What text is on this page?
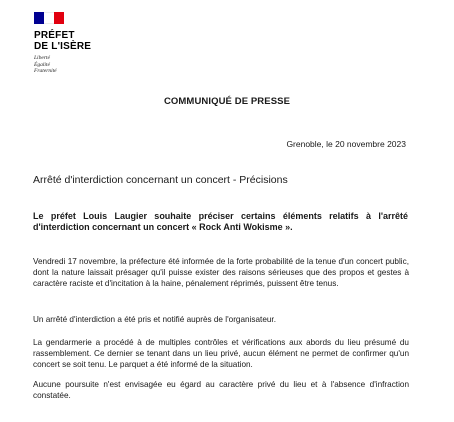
PRÉFET
DE L'ISÈRE
Liberté
Égalité
Fraternité
COMMUNIQUÉ DE PRESSE
Grenoble, le 20 novembre 2023
Arrêté d'interdiction concernant un concert - Précisions
Le préfet Louis Laugier souhaite préciser certains éléments relatifs à l'arrêté d'interdiction concernant un concert « Rock Anti Wokisme ».
Vendredi 17 novembre, la préfecture été informée de la forte probabilité de la tenue d'un concert public, dont la nature laissait présager qu'il puisse exister des raisons sérieuses que des propos et gestes à caractère raciste et d'incitation à la haine, pénalement réprimés, puissent être tenus.
Un arrêté d'interdiction a été pris et notifié auprès de l'organisateur.
La gendarmerie a procédé à de multiples contrôles et vérifications aux abords du lieu présumé du rassemblement. Ce dernier se tenant dans un lieu privé, aucun élément ne permet de confirmer qu'un concert se soit tenu. Le parquet a été informé de la situation.
Aucune poursuite n'est envisagée eu égard au caractère privé du lieu et à l'absence d'infraction constatée.
